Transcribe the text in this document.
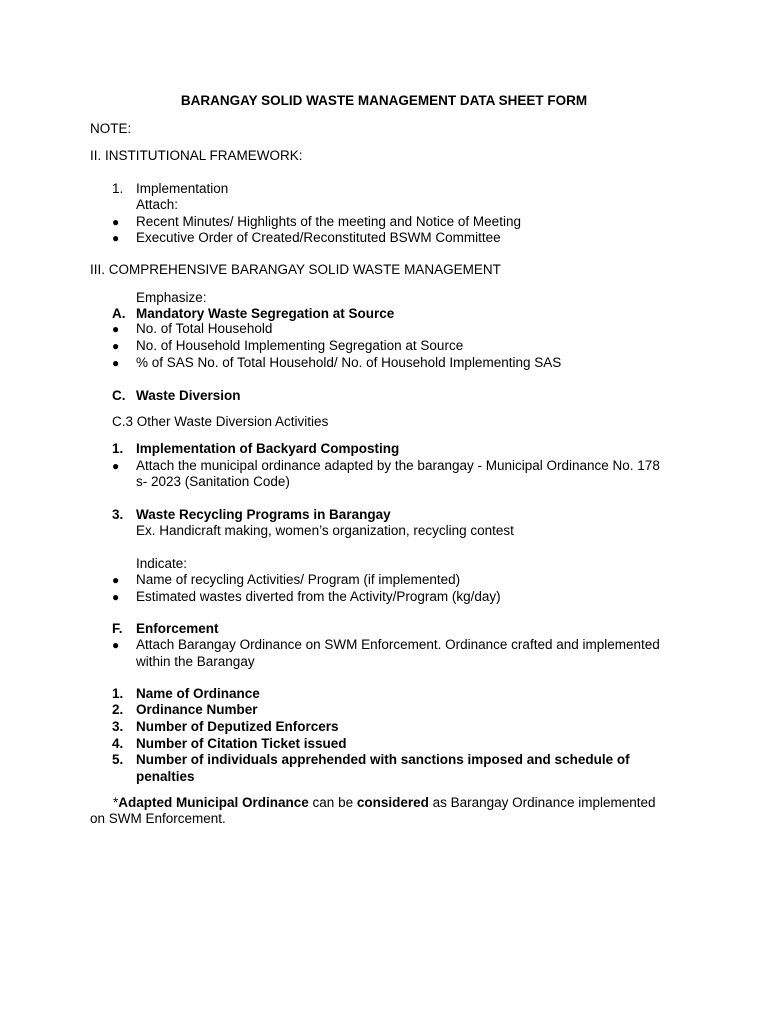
BARANGAY SOLID WASTE MANAGEMENT DATA SHEET FORM
NOTE:
II. INSTITUTIONAL FRAMEWORK:
1. Implementation
Attach:
● Recent Minutes/ Highlights of the meeting and Notice of Meeting
● Executive Order of Created/Reconstituted BSWM Committee
III. COMPREHENSIVE BARANGAY SOLID WASTE MANAGEMENT
Emphasize:
A. Mandatory Waste Segregation at Source
● No. of Total Household
● No. of Household Implementing Segregation at Source
● % of SAS No. of Total Household/ No. of Household Implementing SAS
C. Waste Diversion
C.3 Other Waste Diversion Activities
1. Implementation of Backyard Composting
● Attach the municipal ordinance adapted by the barangay - Municipal Ordinance No. 178
s- 2023 (Sanitation Code)
3. Waste Recycling Programs in Barangay
Ex. Handicraft making, women’s organization, recycling contest
Indicate:
● Name of recycling Activities/ Program (if implemented)
● Estimated wastes diverted from the Activity/Program (kg/day)
F. Enforcement
● Attach Barangay Ordinance on SWM Enforcement. Ordinance crafted and implemented
within the Barangay
1. Name of Ordinance
2. Ordinance Number
3. Number of Deputized Enforcers
4. Number of Citation Ticket issued
5. Number of individuals apprehended with sanctions imposed and schedule of
penalties
*Adapted Municipal Ordinance can be considered as Barangay Ordinance implemented
on SWM Enforcement.
